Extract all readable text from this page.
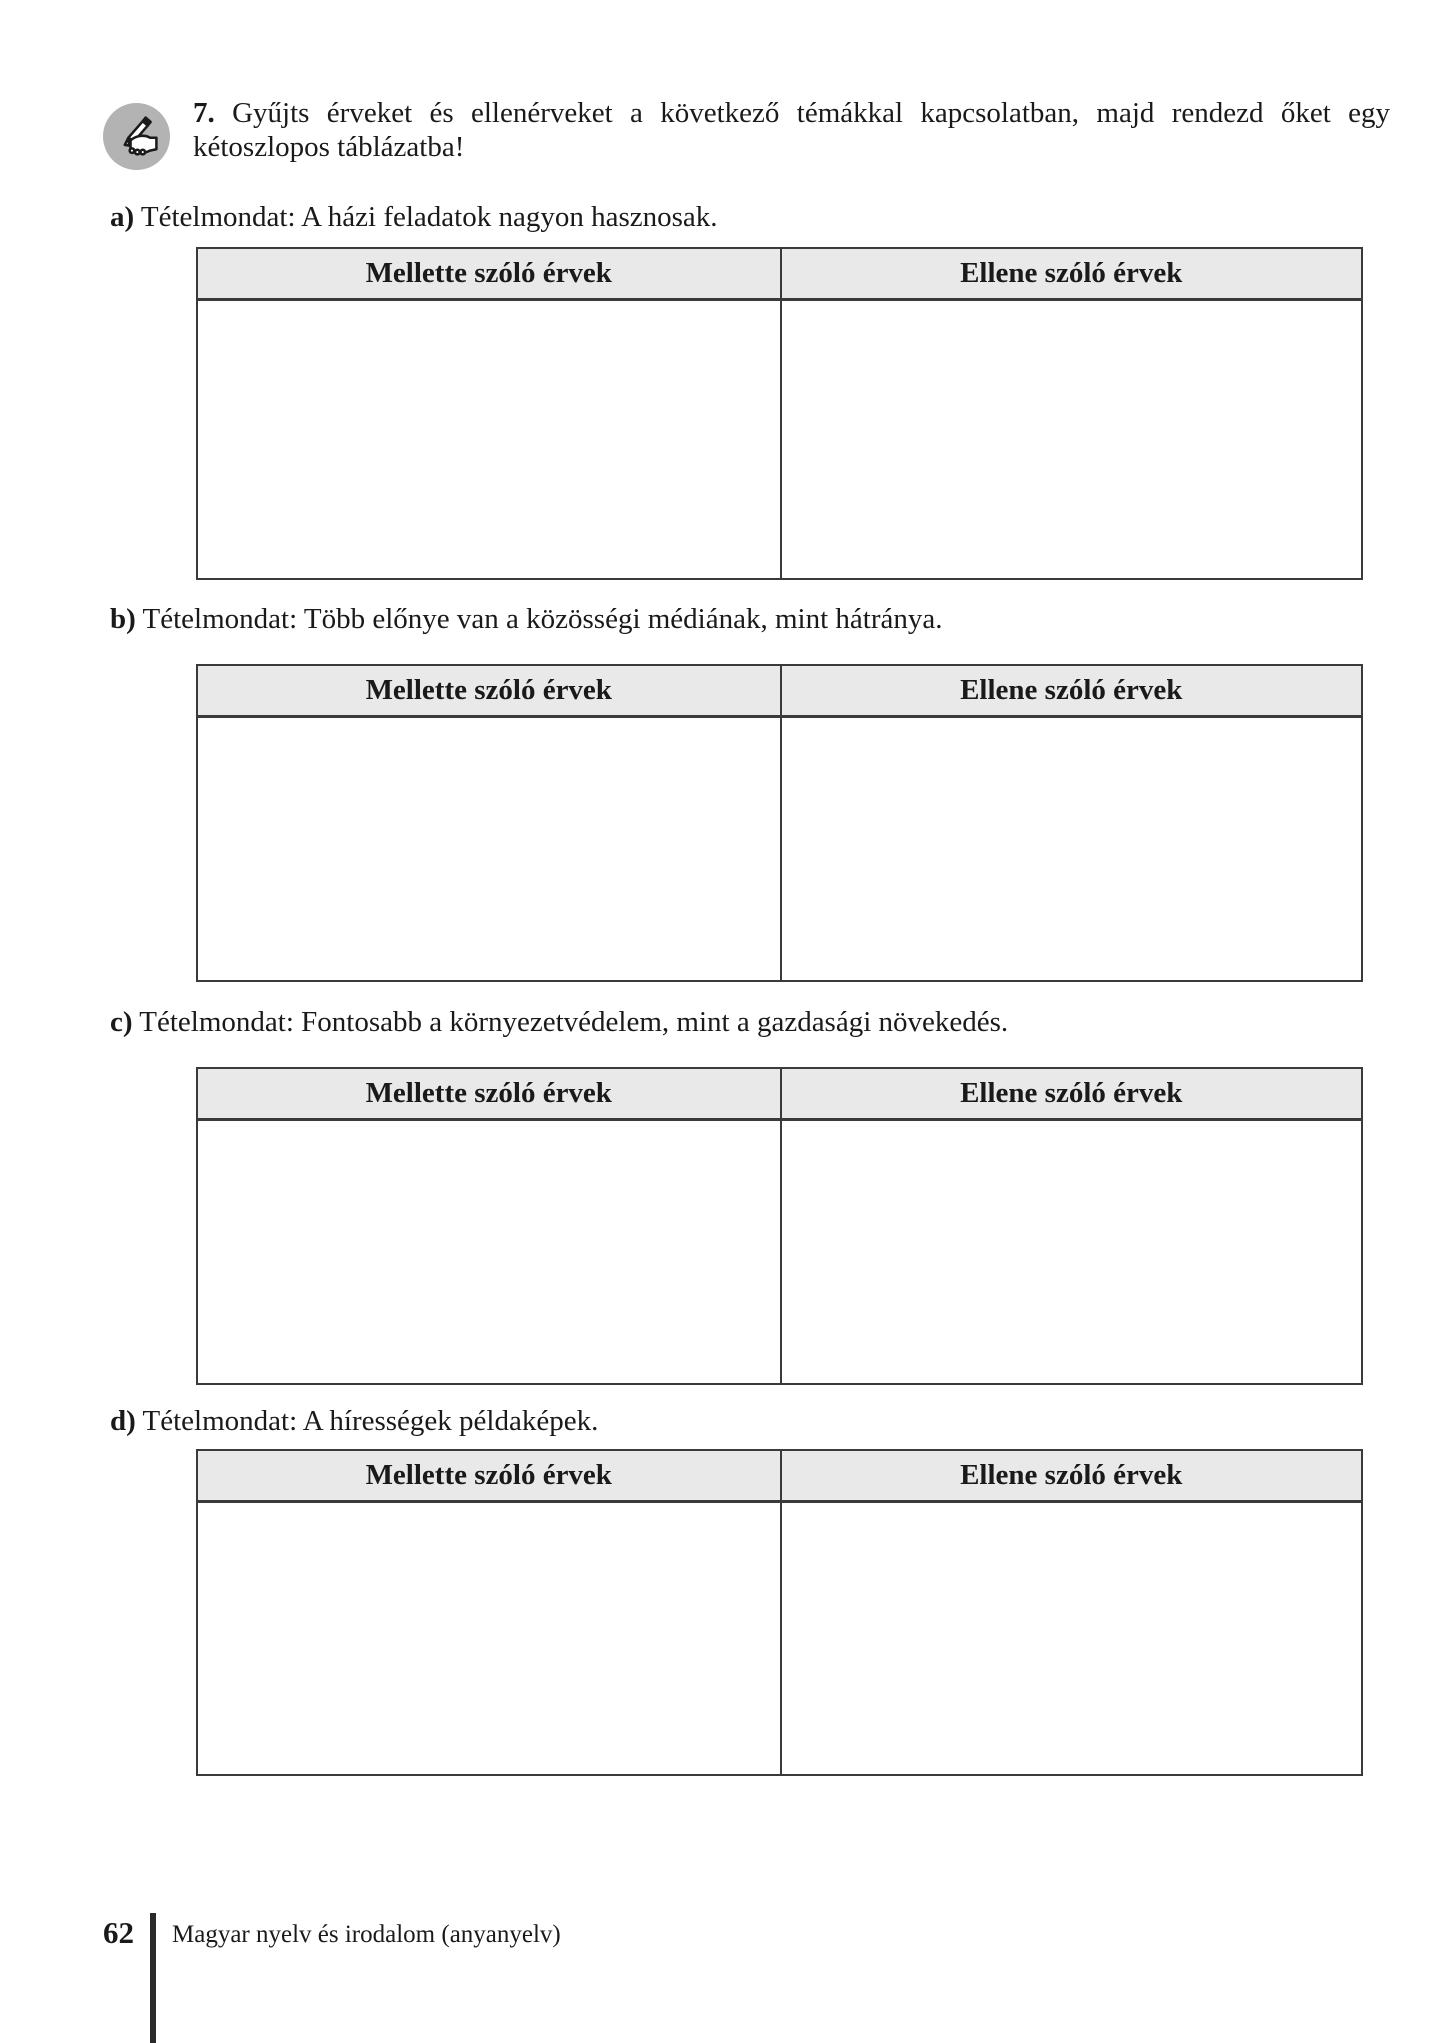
7. Gyűjts érveket és ellenérveket a következő témákkal kapcsolatban, majd rendezd őket egy
kétoszlopos táblázatba!
a) Tételmondat: A házi feladatok nagyon hasznosak.
Mellette szóló érvek	Ellene szóló érvek
b) Tételmondat: Több előnye van a közösségi médiának, mint hátránya.
Mellette szóló érvek	Ellene szóló érvek
c) Tételmondat: Fontosabb a környezetvédelem, mint a gazdasági növekedés.
Mellette szóló érvek	Ellene szóló érvek
d) Tételmondat: A hírességek példaképek.
Mellette szóló érvek	Ellene szóló érvek
62 Magyar nyelv és irodalom (anyanyelv)
